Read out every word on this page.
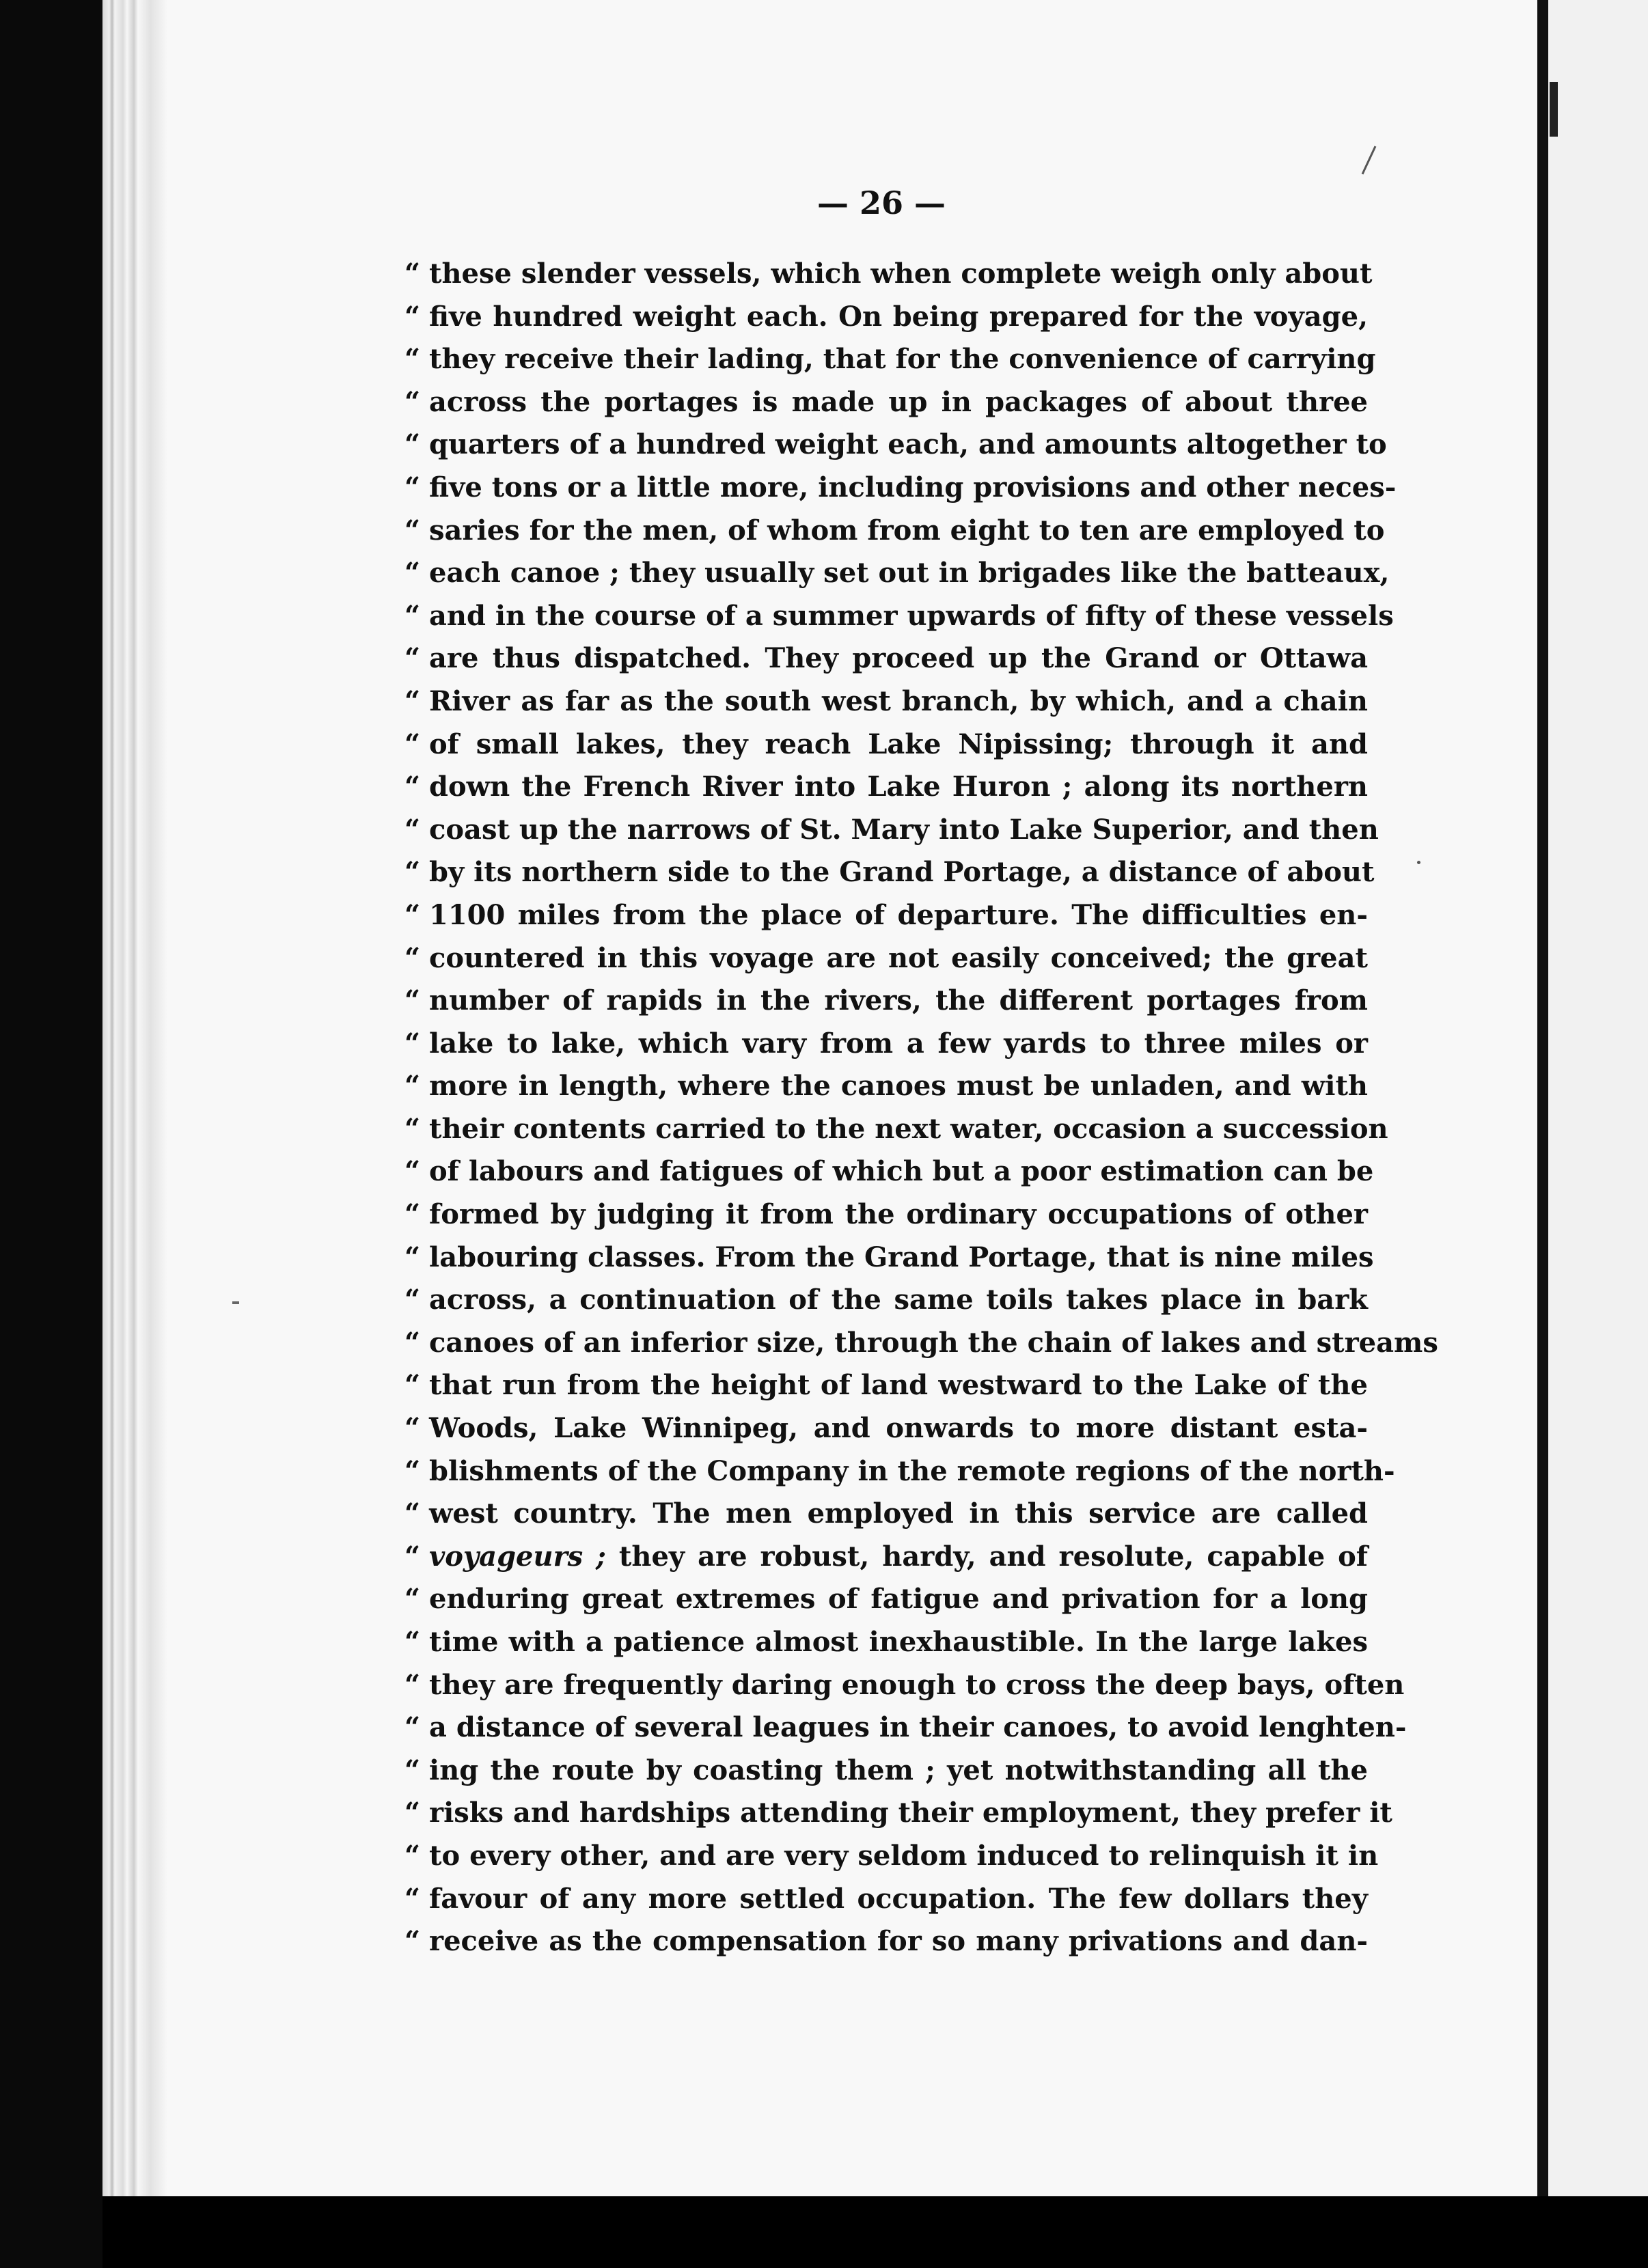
— 26 —
“ these slender vessels, which when complete weigh only about
“ five hundred weight each. On being prepared for the voyage,
“ they receive their lading, that for the convenience of carrying
“ across the portages is made up in packages of about three
“ quarters of a hundred weight each, and amounts altogether to
“ five tons or a little more, including provisions and other neces-
“ saries for the men, of whom from eight to ten are employed to
“ each canoe ; they usually set out in brigades like the batteaux,
“ and in the course of a summer upwards of fifty of these vessels
“ are thus dispatched. They proceed up the Grand or Ottawa
“ River as far as the south west branch, by which, and a chain
“ of small lakes, they reach Lake Nipissing; through it and
“ down the French River into Lake Huron ; along its northern
“ coast up the narrows of St. Mary into Lake Superior, and then
“ by its northern side to the Grand Portage, a distance of about
“ 1100 miles from the place of departure. The difficulties en-
“ countered in this voyage are not easily conceived; the great
“ number of rapids in the rivers, the different portages from
“ lake to lake, which vary from a few yards to three miles or
“ more in length, where the canoes must be unladen, and with
“ their contents carried to the next water, occasion a succession
“ of labours and fatigues of which but a poor estimation can be
“ formed by judging it from the ordinary occupations of other
“ labouring classes. From the Grand Portage, that is nine miles
“ across, a continuation of the same toils takes place in bark
“ canoes of an inferior size, through the chain of lakes and streams
“ that run from the height of land westward to the Lake of the
“ Woods, Lake Winnipeg, and onwards to more distant esta-
“ blishments of the Company in the remote regions of the north-
“ west country. The men employed in this service are called
“ voyageurs ; they are robust, hardy, and resolute, capable of
“ enduring great extremes of fatigue and privation for a long
“ time with a patience almost inexhaustible. In the large lakes
“ they are frequently daring enough to cross the deep bays, often
“ a distance of several leagues in their canoes, to avoid lenghten-
“ ing the route by coasting them ; yet notwithstanding all the
“ risks and hardships attending their employment, they prefer it
“ to every other, and are very seldom induced to relinquish it in
“ favour of any more settled occupation. The few dollars they
“ receive as the compensation for so many privations and dan-
